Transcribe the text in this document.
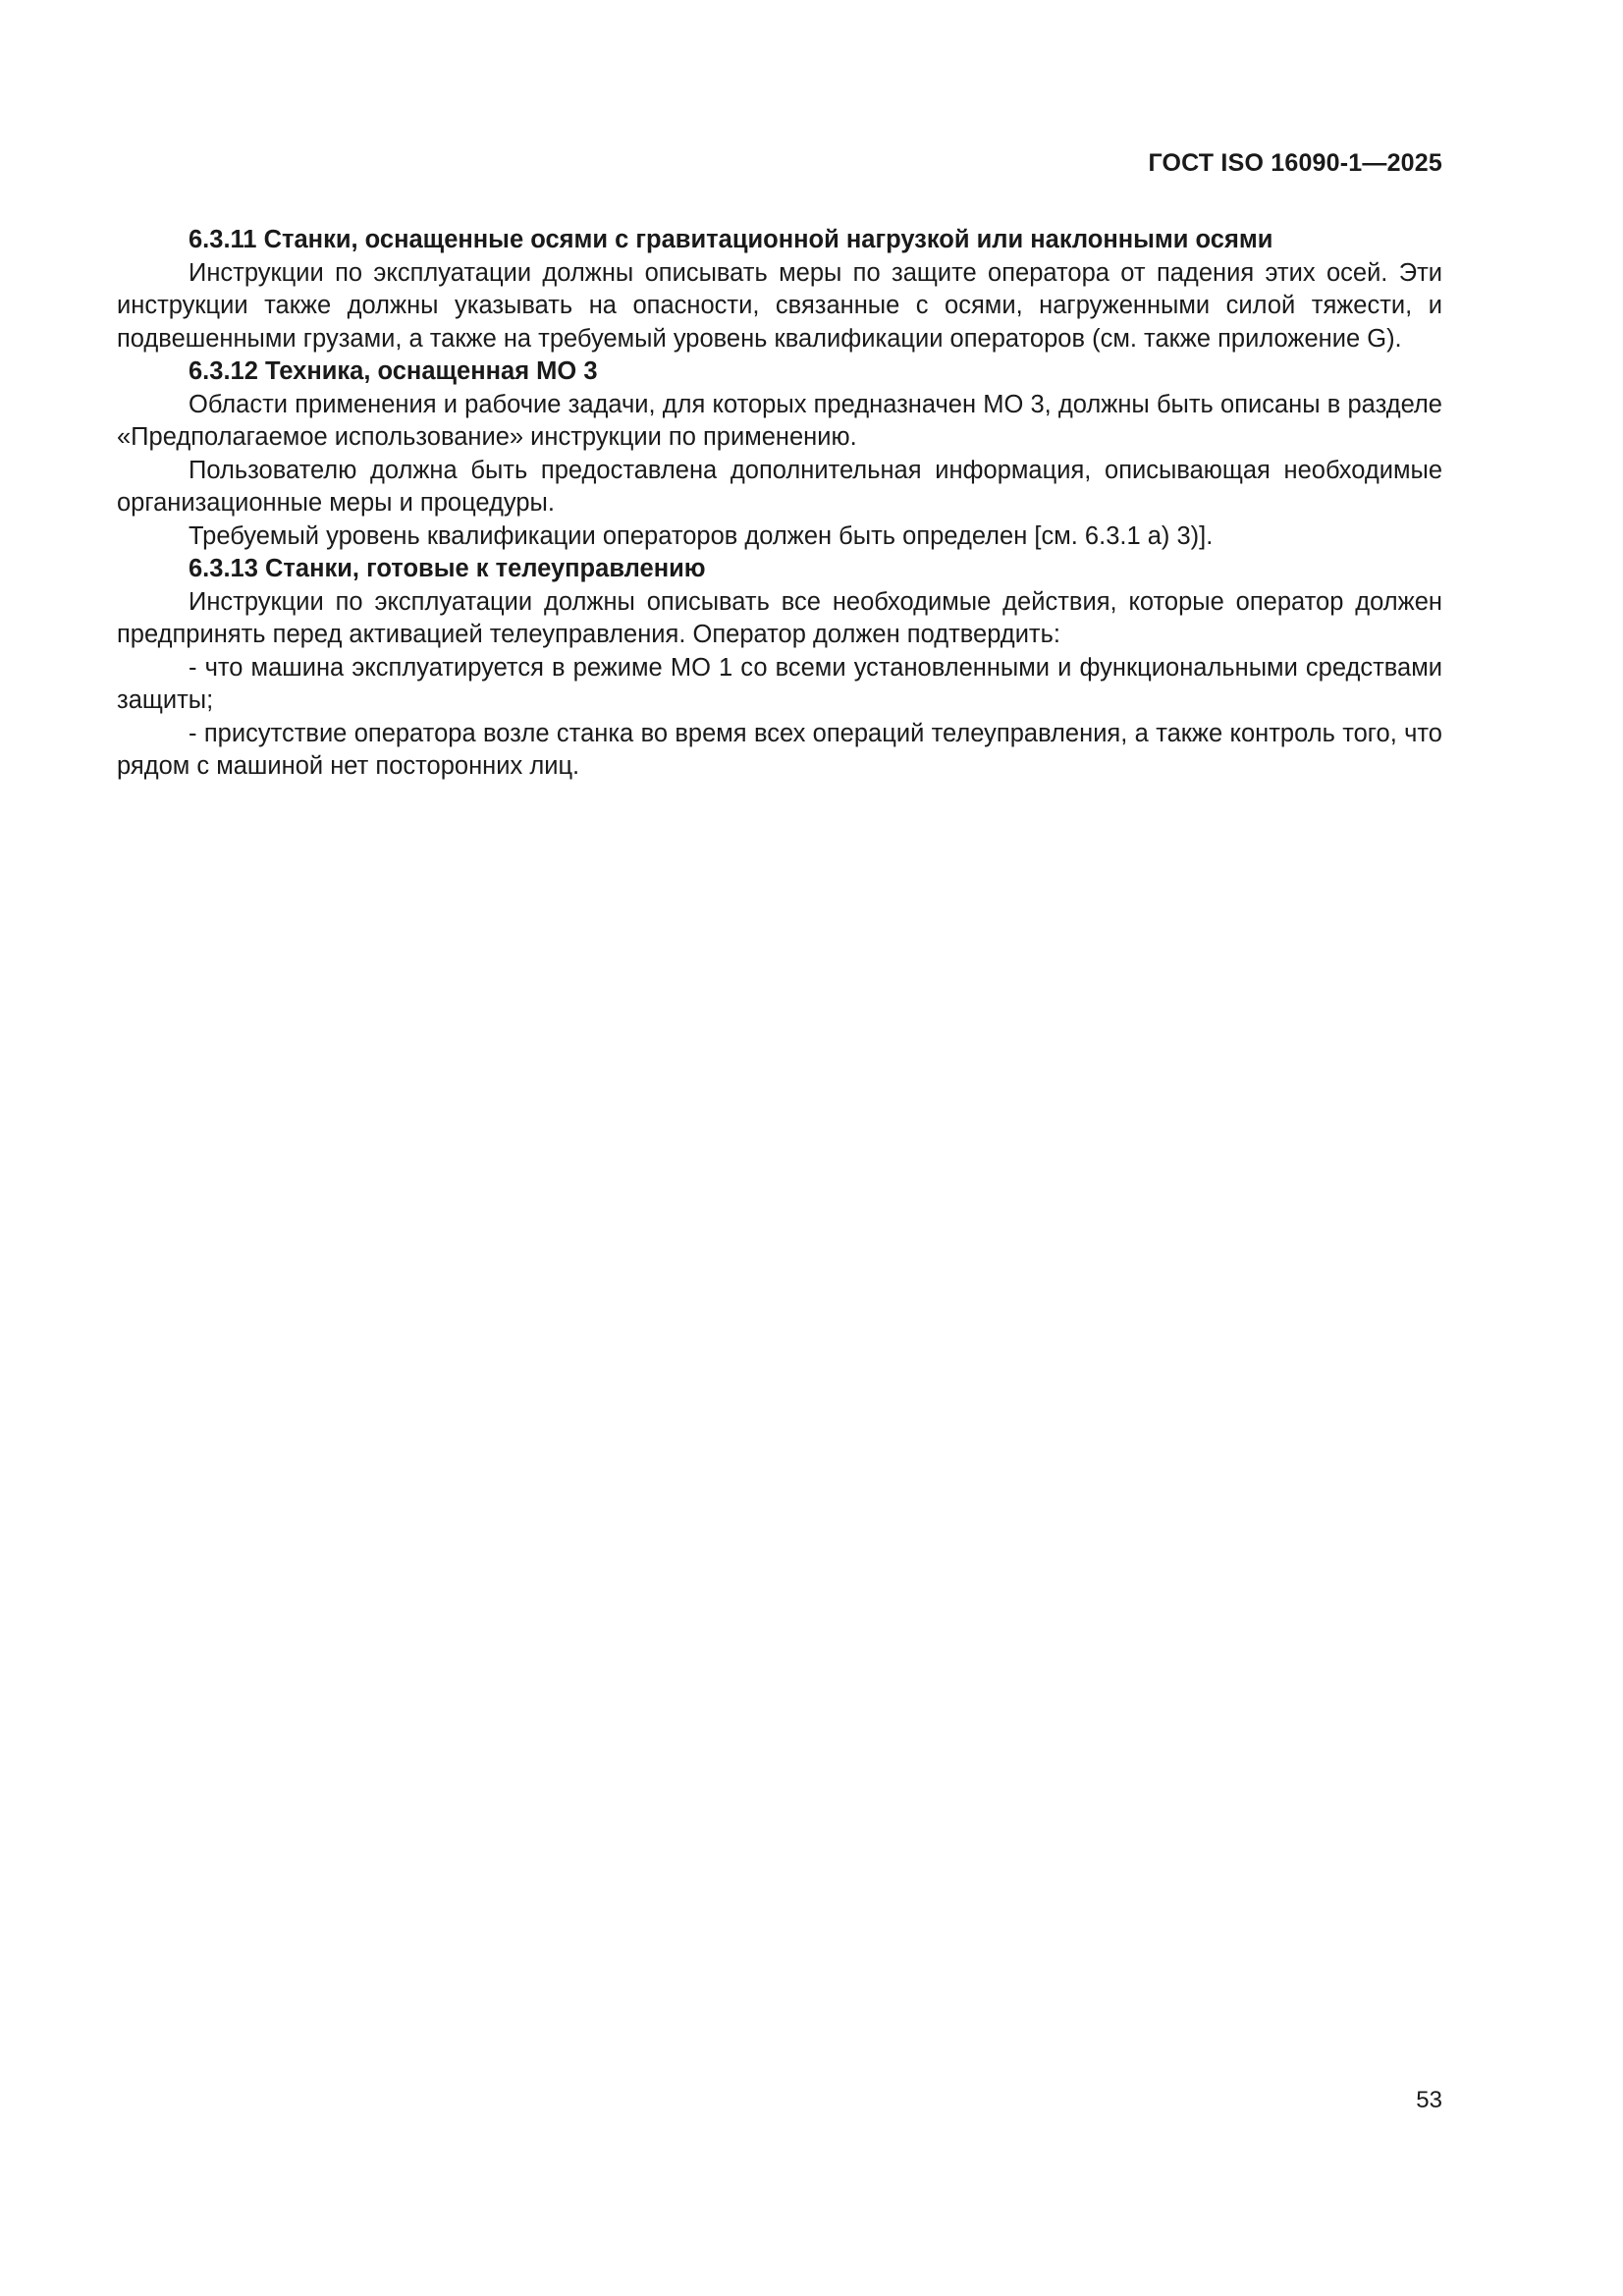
ГОСТ ISO 16090-1—2025

6.3.11 Станки, оснащенные осями с гравитационной нагрузкой или наклонными осями

Инструкции по эксплуатации должны описывать меры по защите оператора от падения этих осей. Эти инструкции также должны указывать на опасности, связанные с осями, нагруженными силой тяжести, и подвешенными грузами, а также на требуемый уровень квалификации операторов (см. также приложение G).

6.3.12 Техника, оснащенная МО 3

Области применения и рабочие задачи, для которых предназначен МО 3, должны быть описаны в разделе «Предполагаемое использование» инструкции по применению.

Пользователю должна быть предоставлена дополнительная информация, описывающая необходимые организационные меры и процедуры.

Требуемый уровень квалификации операторов должен быть определен [см. 6.3.1 а) 3)].

6.3.13 Станки, готовые к телеуправлению

Инструкции по эксплуатации должны описывать все необходимые действия, которые оператор должен предпринять перед активацией телеуправления. Оператор должен подтвердить:

- что машина эксплуатируется в режиме МО 1 со всеми установленными и функциональными средствами защиты;

- присутствие оператора возле станка во время всех операций телеуправления, а также контроль того, что рядом с машиной нет посторонних лиц.

53
